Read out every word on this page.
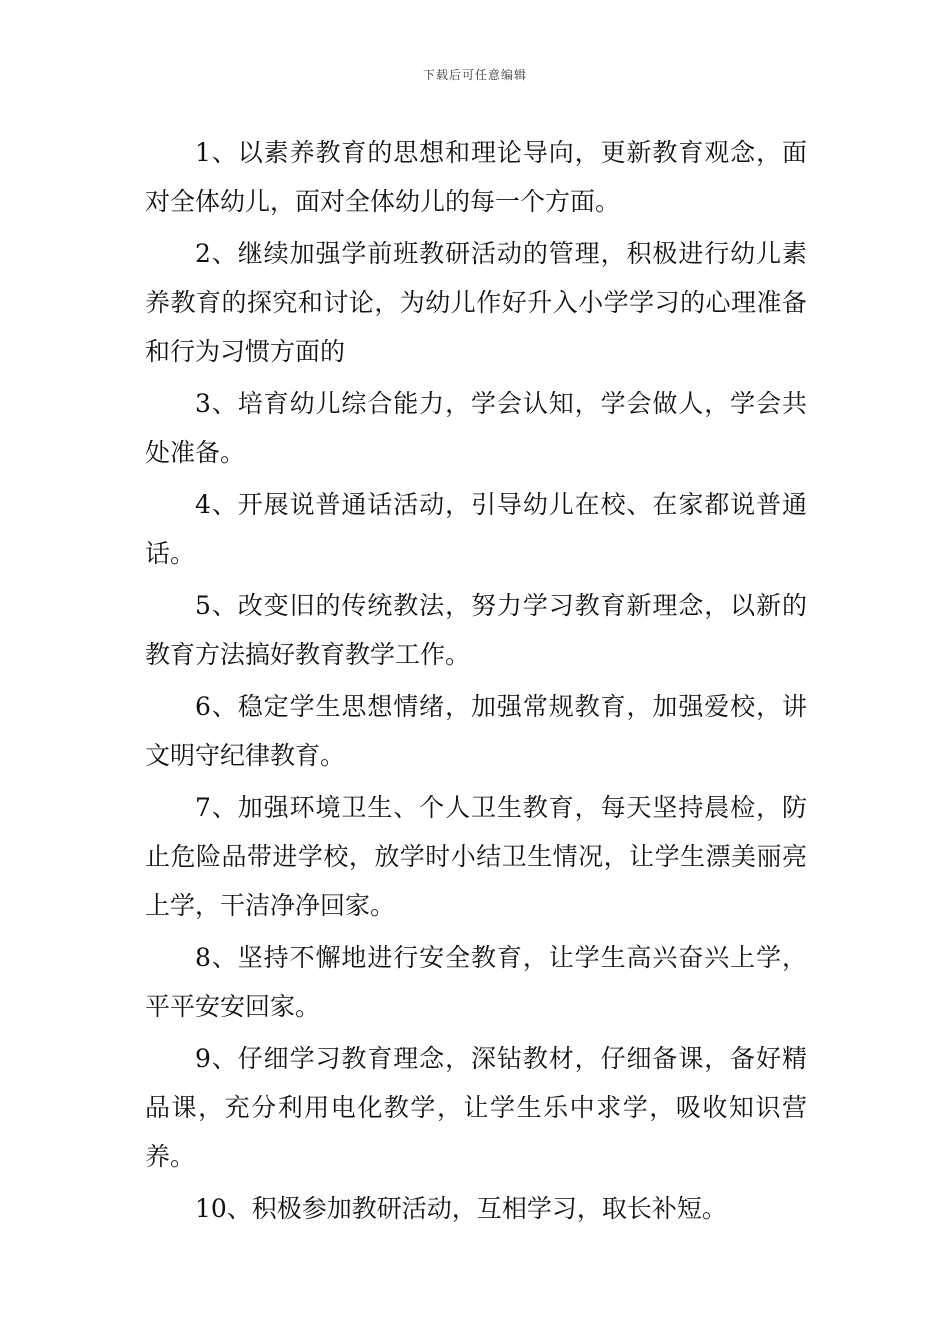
下载后可任意编辑

1、以素养教育的思想和理论导向，更新教育观念，面对全体幼儿，面对全体幼儿的每一个方面。

2、继续加强学前班教研活动的管理，积极进行幼儿素养教育的探究和讨论，为幼儿作好升入小学学习的心理准备和行为习惯方面的

3、培育幼儿综合能力，学会认知，学会做人，学会共处准备。

4、开展说普通话活动，引导幼儿在校、在家都说普通话。

5、改变旧的传统教法，努力学习教育新理念，以新的教育方法搞好教育教学工作。

6、稳定学生思想情绪，加强常规教育，加强爱校，讲文明守纪律教育。

7、加强环境卫生、个人卫生教育，每天坚持晨检，防止危险品带进学校，放学时小结卫生情况，让学生漂美丽亮上学，干洁净净回家。

8、坚持不懈地进行安全教育，让学生高兴奋兴上学，平平安安回家。

9、仔细学习教育理念，深钻教材，仔细备课，备好精品课，充分利用电化教学，让学生乐中求学，吸收知识营养。

10、积极参加教研活动，互相学习，取长补短。
